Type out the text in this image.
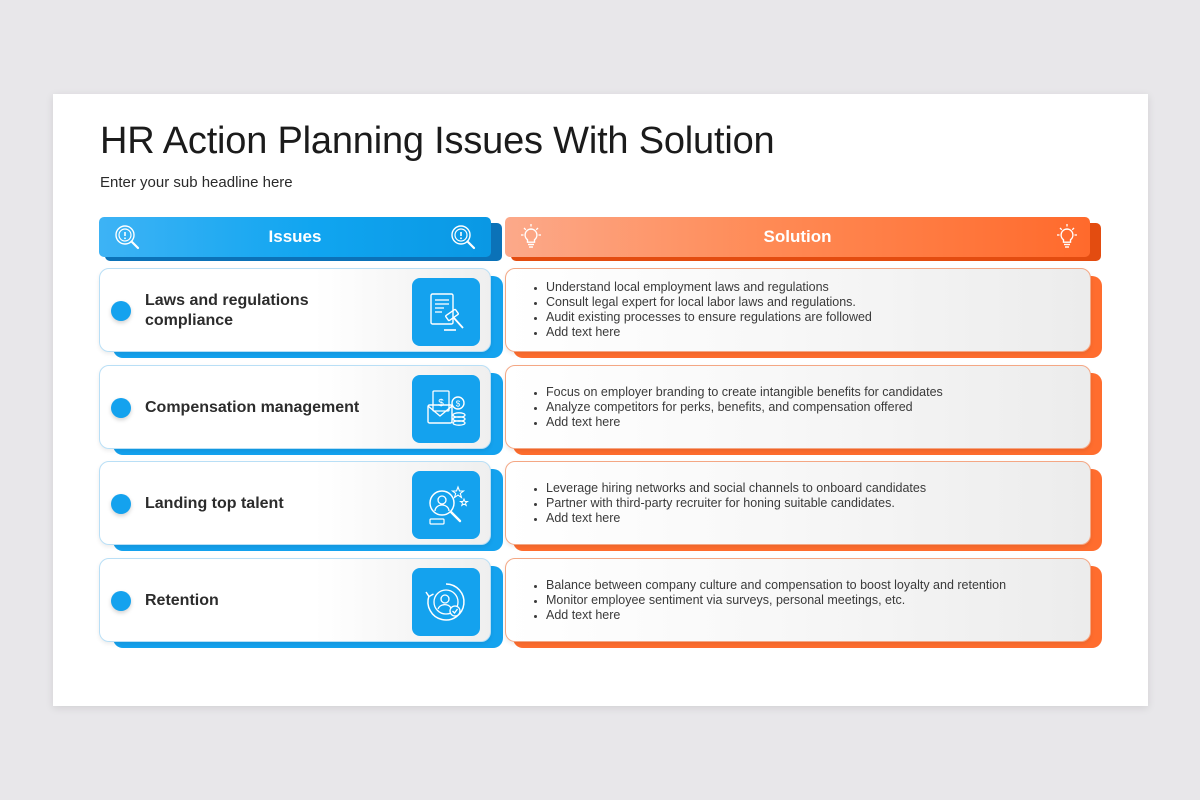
HR Action Planning Issues With Solution
Enter your sub headline here
Issues	Solution
Laws and regulations compliance
• Understand local employment laws and regulations
• Consult legal expert for local labor laws and regulations.
• Audit existing processes to ensure regulations are followed
• Add text here
Compensation management	$ $
• Focus on employer branding to create intangible benefits for candidates
• Analyze competitors for perks, benefits, and compensation offered
• Add text here
Landing top talent
• Leverage hiring networks and social channels to onboard candidates
• Partner with third-party recruiter for honing suitable candidates.
• Add text here
Retention
• Balance between company culture and compensation to boost loyalty and retention
• Monitor employee sentiment via surveys, personal meetings, etc.
• Add text here
